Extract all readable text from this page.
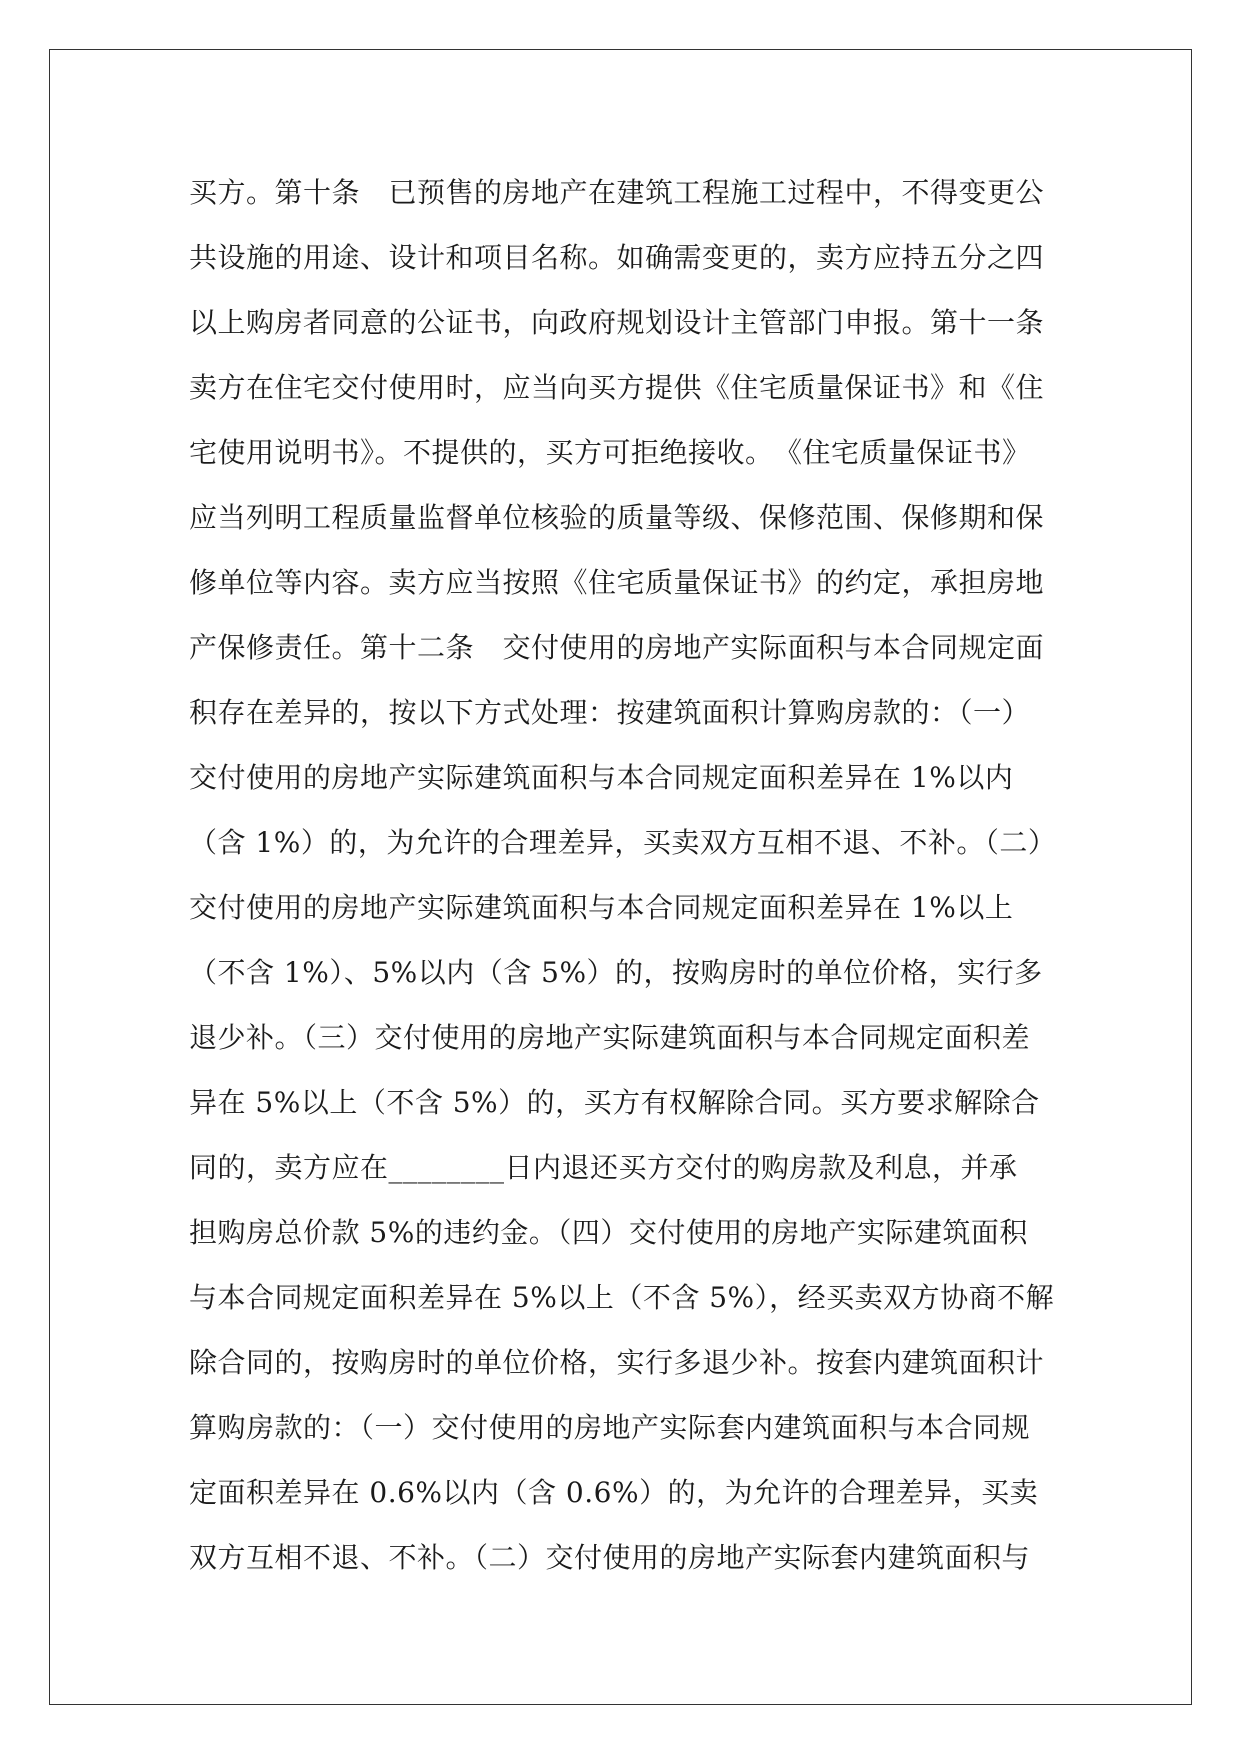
买方。第十条　已预售的房地产在建筑工程施工过程中，不得变更公
共设施的用途、设计和项目名称。如确需变更的，卖方应持五分之四
以上购房者同意的公证书，向政府规划设计主管部门申报。第十一条
卖方在住宅交付使用时，应当向买方提供《住宅质量保证书》和《住
宅使用说明书》。不提供的，买方可拒绝接收。　《住宅质量保证书》
应当列明工程质量监督单位核验的质量等级、保修范围、保修期和保
修单位等内容。卖方应当按照《住宅质量保证书》的约定，承担房地
产保修责任。第十二条　交付使用的房地产实际面积与本合同规定面
积存在差异的，按以下方式处理：按建筑面积计算购房款的：（一）
交付使用的房地产实际建筑面积与本合同规定面积差异在 1%以内
（含 1%）的，为允许的合理差异，买卖双方互相不退、不补。（二）
交付使用的房地产实际建筑面积与本合同规定面积差异在 1%以上
（不含 1%）、5%以内（含 5%）的，按购房时的单位价格，实行多
退少补。（三）交付使用的房地产实际建筑面积与本合同规定面积差
异在 5%以上（不含 5%）的，买方有权解除合同。买方要求解除合
同的，卖方应在________日内退还买方交付的购房款及利息，并承
担购房总价款 5%的违约金。（四）交付使用的房地产实际建筑面积
与本合同规定面积差异在 5%以上（不含 5%），经买卖双方协商不解
除合同的，按购房时的单位价格，实行多退少补。按套内建筑面积计
算购房款的：（一）交付使用的房地产实际套内建筑面积与本合同规
定面积差异在 0.6%以内（含 0.6%）的，为允许的合理差异，买卖
双方互相不退、不补。（二）交付使用的房地产实际套内建筑面积与
